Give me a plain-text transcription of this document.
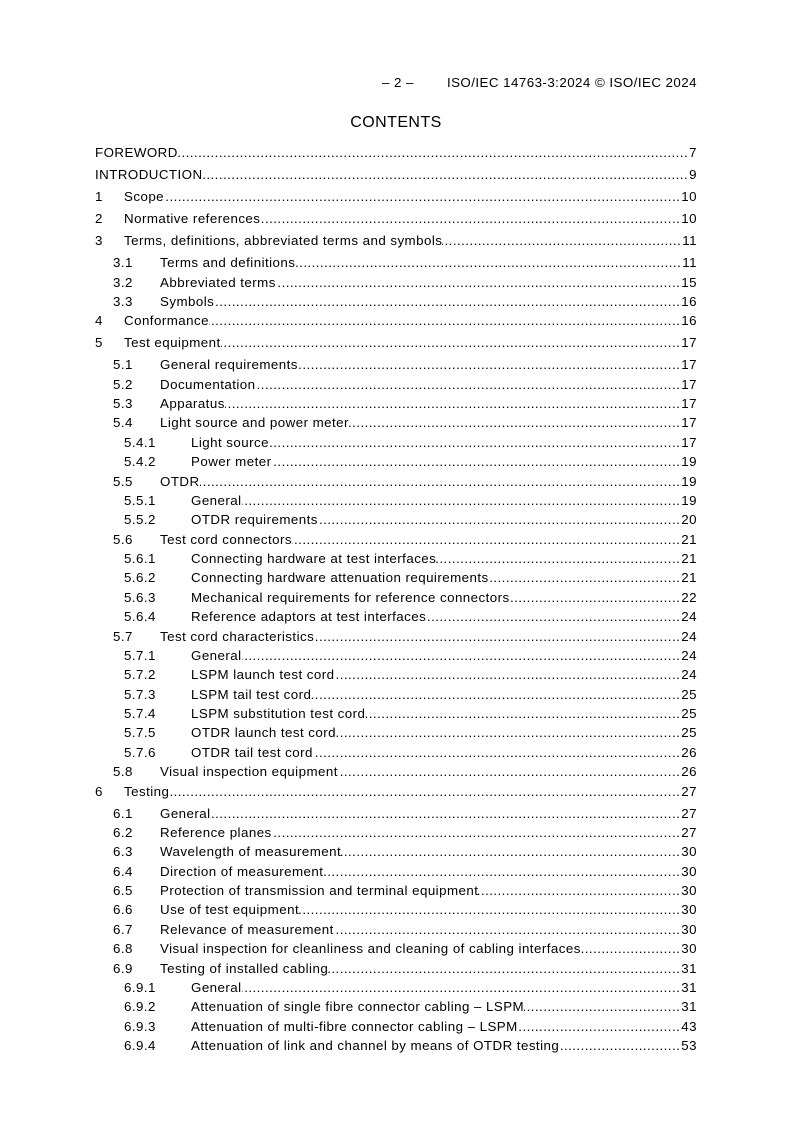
– 2 – ISO/IEC 14763-3:2024 © ISO/IEC 2024
CONTENTS
FOREWORD .....	7
INTRODUCTION .....	9
1	Scope .....	10
2	Normative references .....	10
3	Terms, definitions, abbreviated terms and symbols .....	11
3.1	Terms and definitions .....	11
3.2	Abbreviated terms .....	15
3.3	Symbols .....	16
4	Conformance .....	16
5	Test equipment .....	17
5.1	General requirements .....	17
5.2	Documentation .....	17
5.3	Apparatus .....	17
5.4	Light source and power meter .....	17
5.4.1	Light source .....	17
5.4.2	Power meter .....	19
5.5	OTDR .....	19
5.5.1	General .....	19
5.5.2	OTDR requirements .....	20
5.6	Test cord connectors .....	21
5.6.1	Connecting hardware at test interfaces .....	21
5.6.2	Connecting hardware attenuation requirements .....	21
5.6.3	Mechanical requirements for reference connectors .....	22
5.6.4	Reference adaptors at test interfaces .....	24
5.7	Test cord characteristics .....	24
5.7.1	General .....	24
5.7.2	LSPM launch test cord .....	24
5.7.3	LSPM tail test cord .....	25
5.7.4	LSPM substitution test cord .....	25
5.7.5	OTDR launch test cord .....	25
5.7.6	OTDR tail test cord .....	26
5.8	Visual inspection equipment .....	26
6	Testing .....	27
6.1	General .....	27
6.2	Reference planes .....	27
6.3	Wavelength of measurement .....	30
6.4	Direction of measurement .....	30
6.5	Protection of transmission and terminal equipment .....	30
6.6	Use of test equipment .....	30
6.7	Relevance of measurement .....	30
6.8	Visual inspection for cleanliness and cleaning of cabling interfaces .....	30
6.9	Testing of installed cabling .....	31
6.9.1	General .....	31
6.9.2	Attenuation of single fibre connector cabling – LSPM .....	31
6.9.3	Attenuation of multi-fibre connector cabling – LSPM .....	43
6.9.4	Attenuation of link and channel by means of OTDR testing .....	53
